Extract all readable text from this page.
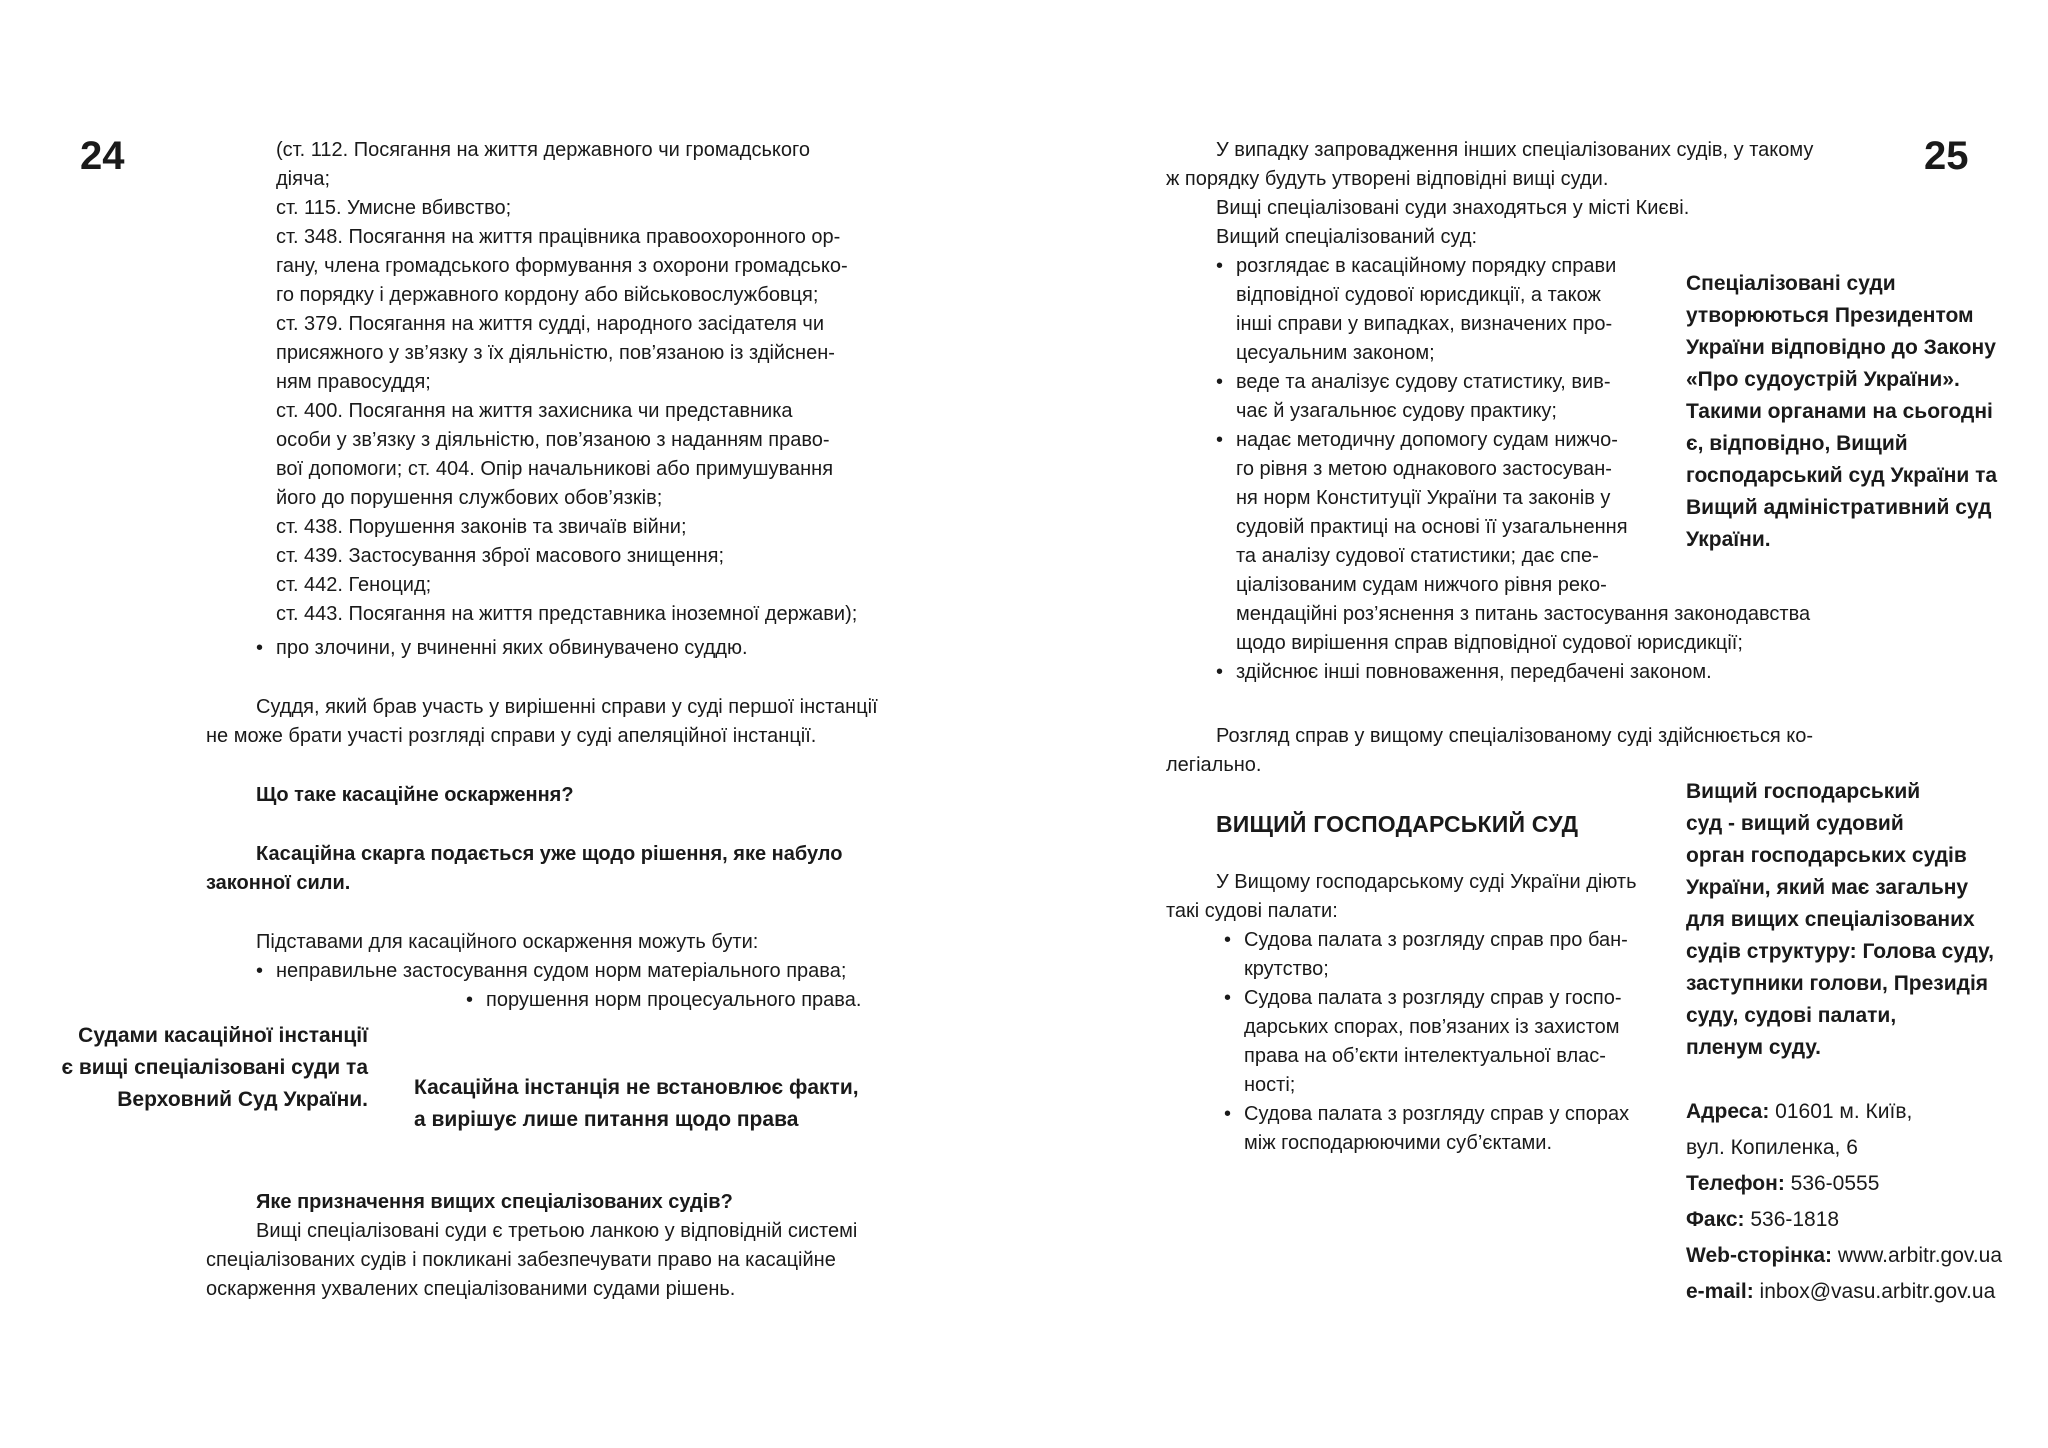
24	(ст. 112. Посягання на життя державного чи громадського
діяча;
ст. 115. Умисне вбивство;
ст. 348. Посягання на життя працівника правоохоронного ор-
гану, члена громадського формування з охорони громадсько-
го порядку і державного кордону або військовослужбовця;
ст. 379. Посягання на життя судді, народного засідателя чи
присяжного у зв’язку з їх діяльністю, пов’язаною із здійснен-
ням правосуддя;
ст. 400. Посягання на життя захисника чи представника
особи у зв’язку з діяльністю, пов’язаною з наданням право-
вої допомоги; ст. 404. Опір начальникові або примушування
його до порушення службових обов’язків;
ст. 438. Порушення законів та звичаїв війни;
ст. 439. Застосування зброї масового знищення;
ст. 442. Геноцид;
ст. 443. Посягання на життя представника іноземної держави);
• про злочини, у вчиненні яких обвинувачено суддю.
Суддя, який брав участь у вирішенні справи у суді першої інстанції
не може брати участі розгляді справи у суді апеляційної інстанції.
Що таке касаційне оскарження?
Касаційна скарга подається уже щодо рішення, яке набуло
законної сили.
Підставами для касаційного оскарження можуть бути:
• неправильне застосування судом норм матеріального права;
• порушення норм процесуального права.
Судами касаційної інстанції
є вищі спеціалізовані суди та
Верховний Суд України.
Касаційна інстанція не встановлює факти,
а вирішує лише питання щодо права
Яке призначення вищих спеціалізованих судів?
Вищі спеціалізовані суди є третьою ланкою у відповідній системі
спеціалізованих судів і покликані забезпечувати право на касаційне
оскарження ухвалених спеціалізованими судами рішень.
25
У випадку запровадження інших спеціалізованих судів, у такому
ж порядку будуть утворені відповідні вищі суди.
Вищі спеціалізовані суди знаходяться у місті Києві.
Вищий спеціалізований суд:
• розглядає в касаційному порядку справи
відповідної судової юрисдикції, а також
інші справи у випадках, визначених про-
цесуальним законом;
• веде та аналізує судову статистику, вив-
чає й узагальнює судову практику;
• надає методичну допомогу судам нижчо-
го рівня з метою однакового застосуван-
ня норм Конституції України та законів у
судовій практиці на основі її узагальнення
та аналізу судової статистики; дає спе-
ціалізованим судам нижчого рівня реко-
мендаційні роз’яснення з питань застосування законодавства
щодо вирішення справ відповідної судової юрисдикції;
• здійснює інші повноваження, передбачені законом.
Спеціалізовані суди
утворюються Президентом
України відповідно до Закону
«Про судоустрій України».
Такими органами на сьогодні
є, відповідно, Вищий
господарський суд України та
Вищий адміністративний суд
України.
Розгляд справ у вищому спеціалізованому суді здійснюється ко-
легіально.
Вищий господарський
суд - вищий судовий
орган господарських судів
України, який має загальну
для вищих спеціалізованих
судів структуру: Голова суду,
заступники голови, Президія
суду, судові палати,
пленум суду.
ВИЩИЙ ГОСПОДАРСЬКИЙ СУД
У Вищому господарському суді України діють
такі судові палати:
• Судова палата з розгляду справ про бан-
крутство;
• Судова палата з розгляду справ у госпо-
дарських спорах, пов’язаних із захистом
права на об’єкти інтелектуальної влас-
ності;
• Судова палата з розгляду справ у спорах
між господарюючими суб’єктами.
Адреса: 01601 м. Київ,
вул. Копиленка, 6
Телефон: 536-0555
Факс: 536-1818
Web-сторінка: www.arbitr.gov.ua
e-mail: inbox@vasu.arbitr.gov.ua
